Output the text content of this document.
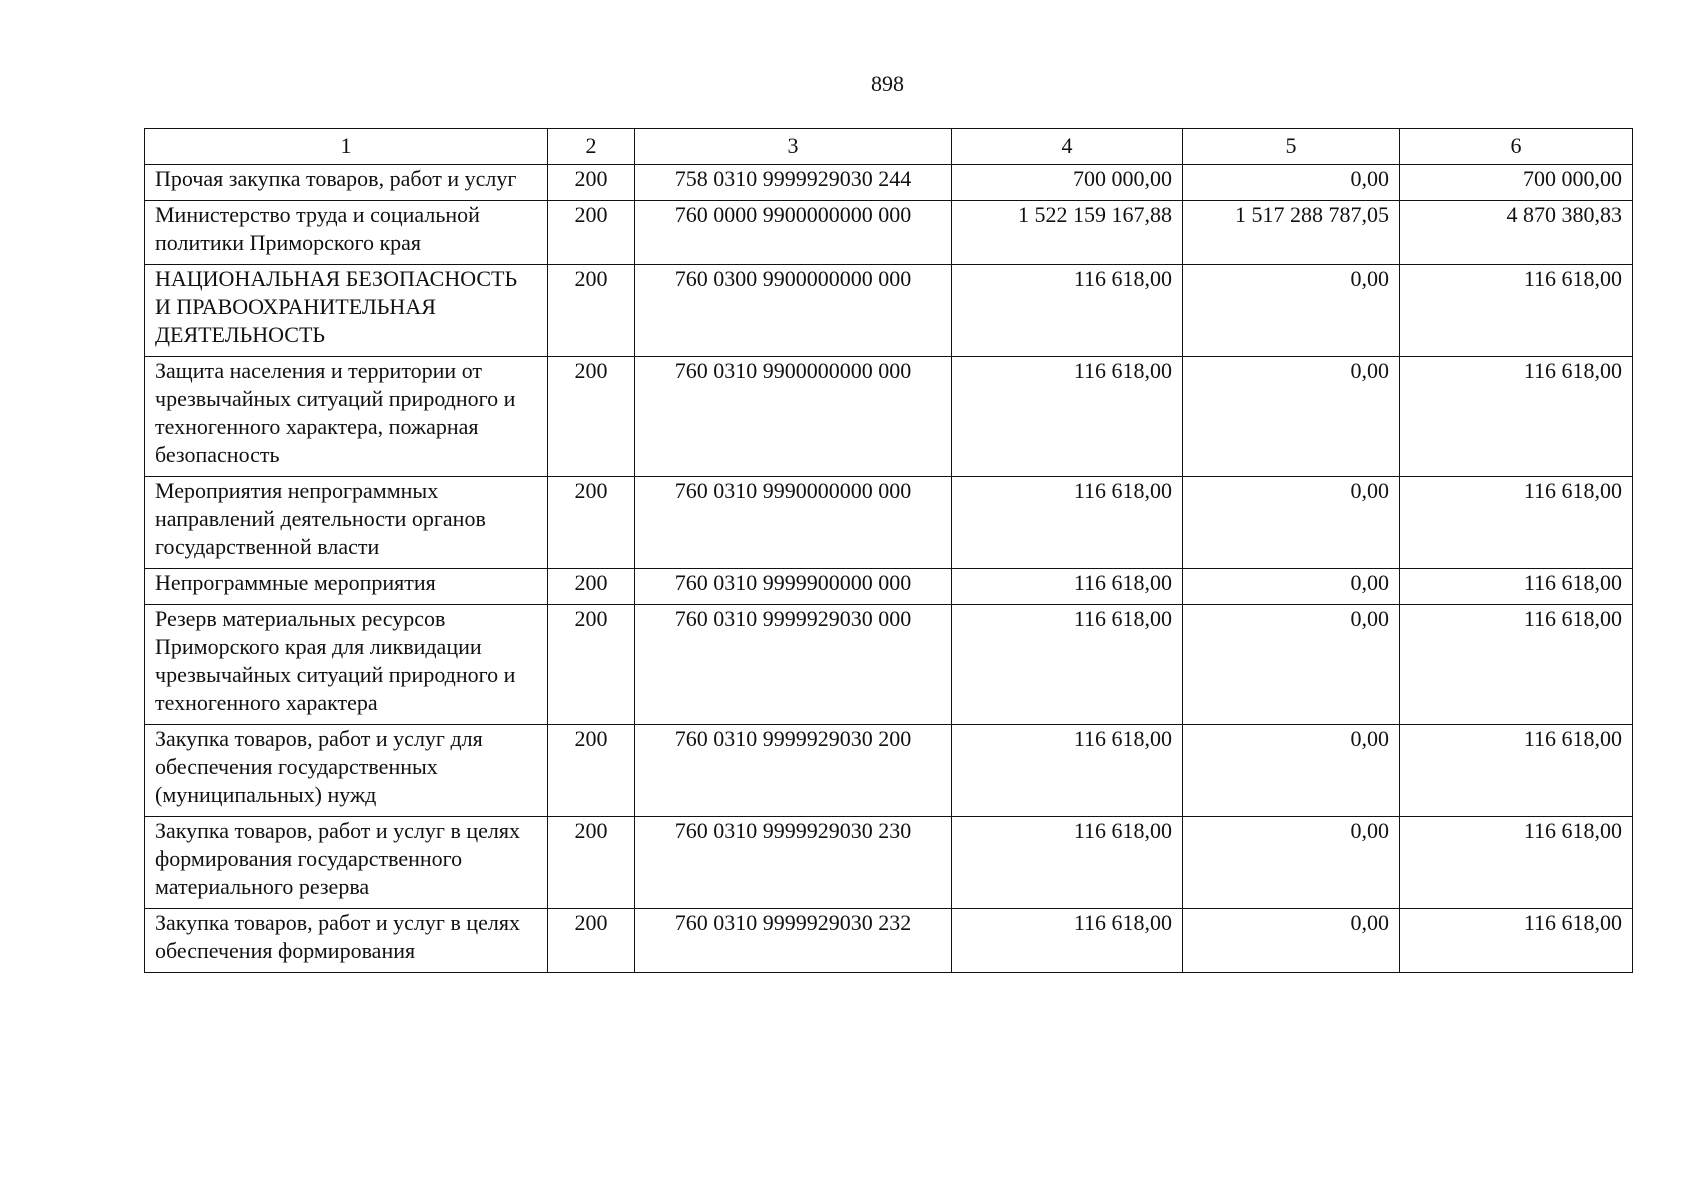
898
1	2	3	4	5	6
Прочая закупка товаров, работ и услуг	200	758 0310 9999929030 244	700 000,00	0,00	700 000,00
Министерство труда и социальной политики Приморского края	200	760 0000 9900000000 000	1 522 159 167,88	1 517 288 787,05	4 870 380,83
НАЦИОНАЛЬНАЯ БЕЗОПАСНОСТЬ И ПРАВООХРАНИТЕЛЬНАЯ ДЕЯТЕЛЬНОСТЬ	200	760 0300 9900000000 000	116 618,00	0,00	116 618,00
Защита населения и территории от чрезвычайных ситуаций природного и техногенного характера, пожарная безопасность	200	760 0310 9900000000 000	116 618,00	0,00	116 618,00
Мероприятия непрограммных направлений деятельности органов государственной власти	200	760 0310 9990000000 000	116 618,00	0,00	116 618,00
Непрограммные мероприятия	200	760 0310 9999900000 000	116 618,00	0,00	116 618,00
Резерв материальных ресурсов Приморского края для ликвидации чрезвычайных ситуаций природного и техногенного характера	200	760 0310 9999929030 000	116 618,00	0,00	116 618,00
Закупка товаров, работ и услуг для обеспечения государственных (муниципальных) нужд	200	760 0310 9999929030 200	116 618,00	0,00	116 618,00
Закупка товаров, работ и услуг в целях формирования государственного материального резерва	200	760 0310 9999929030 230	116 618,00	0,00	116 618,00
Закупка товаров, работ и услуг в целях обеспечения формирования	200	760 0310 9999929030 232	116 618,00	0,00	116 618,00
